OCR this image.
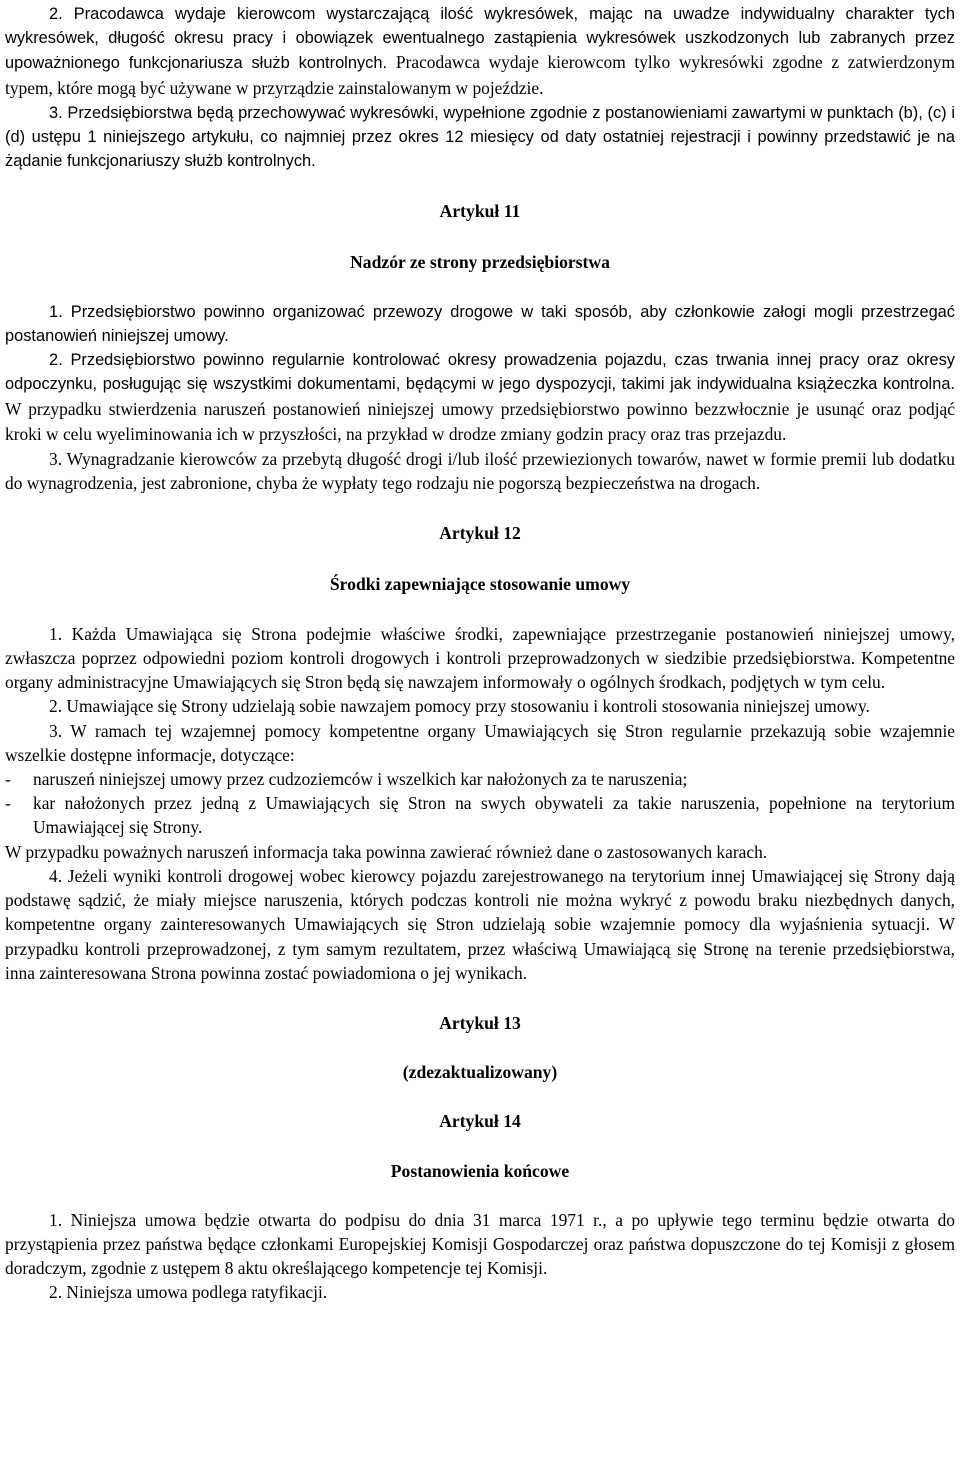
2. Pracodawca wydaje kierowcom wystarczającą ilość wykresówek, mając na uwadze indywidualny charakter tych wykresówek, długość okresu pracy i obowiązek ewentualnego zastąpienia wykresówek uszkodzonych lub zabranych przez upoważnionego funkcjonariusza służb kontrolnych. Pracodawca wydaje kierowcom tylko wykresówki zgodne z zatwierdzonym typem, które mogą być używane w przyrządzie zainstalowanym w pojeździe.

3. Przedsiębiorstwa będą przechowywać wykresówki, wypełnione zgodnie z postanowieniami zawartymi w punktach (b), (c) i (d) ustępu 1 niniejszego artykułu, co najmniej przez okres 12 miesięcy od daty ostatniej rejestracji i powinny przedstawić je na żądanie funkcjonariuszy służb kontrolnych.

Artykuł 11

Nadzór ze strony przedsiębiorstwa

1. Przedsiębiorstwo powinno organizować przewozy drogowe w taki sposób, aby członkowie załogi mogli przestrzegać postanowień niniejszej umowy.

2. Przedsiębiorstwo powinno regularnie kontrolować okresy prowadzenia pojazdu, czas trwania innej pracy oraz okresy odpoczynku, posługując się wszystkimi dokumentami, będącymi w jego dyspozycji, takimi jak indywidualna książeczka kontrolna. W przypadku stwierdzenia naruszeń postanowień niniejszej umowy przedsiębiorstwo powinno bezzwłocznie je usunąć oraz podjąć kroki w celu wyeliminowania ich w przyszłości, na przykład w drodze zmiany godzin pracy oraz tras przejazdu.

3. Wynagradzanie kierowców za przebytą długość drogi i/lub ilość przewiezionych towarów, nawet w formie premii lub dodatku do wynagrodzenia, jest zabronione, chyba że wypłaty tego rodzaju nie pogorszą bezpieczeństwa na drogach.

Artykuł 12

Środki zapewniające stosowanie umowy

1. Każda Umawiająca się Strona podejmie właściwe środki, zapewniające przestrzeganie postanowień niniejszej umowy, zwłaszcza poprzez odpowiedni poziom kontroli drogowych i kontroli przeprowadzonych w siedzibie przedsiębiorstwa. Kompetentne organy administracyjne Umawiających się Stron będą się nawzajem informowały o ogólnych środkach, podjętych w tym celu.

2. Umawiające się Strony udzielają sobie nawzajem pomocy przy stosowaniu i kontroli stosowania niniejszej umowy.

3. W ramach tej wzajemnej pomocy kompetentne organy Umawiających się Stron regularnie przekazują sobie wzajemnie wszelkie dostępne informacje, dotyczące:

- naruszeń niniejszej umowy przez cudzoziemców i wszelkich kar nałożonych za te naruszenia;

- kar nałożonych przez jedną z Umawiających się Stron na swych obywateli za takie naruszenia, popełnione na terytorium Umawiającej się Strony.

W przypadku poważnych naruszeń informacja taka powinna zawierać również dane o zastosowanych karach.

4. Jeżeli wyniki kontroli drogowej wobec kierowcy pojazdu zarejestrowanego na terytorium innej Umawiającej się Strony dają podstawę sądzić, że miały miejsce naruszenia, których podczas kontroli nie można wykryć z powodu braku niezbędnych danych, kompetentne organy zainteresowanych Umawiających się Stron udzielają sobie wzajemnie pomocy dla wyjaśnienia sytuacji. W przypadku kontroli przeprowadzonej, z tym samym rezultatem, przez właściwą Umawiającą się Stronę na terenie przedsiębiorstwa, inna zainteresowana Strona powinna zostać powiadomiona o jej wynikach.

Artykuł 13

(zdezaktualizowany)

Artykuł 14

Postanowienia końcowe

1. Niniejsza umowa będzie otwarta do podpisu do dnia 31 marca 1971 r., a po upływie tego terminu będzie otwarta do przystąpienia przez państwa będące członkami Europejskiej Komisji Gospodarczej oraz państwa dopuszczone do tej Komisji z głosem doradczym, zgodnie z ustępem 8 aktu określającego kompetencje tej Komisji.

2. Niniejsza umowa podlega ratyfikacji.
